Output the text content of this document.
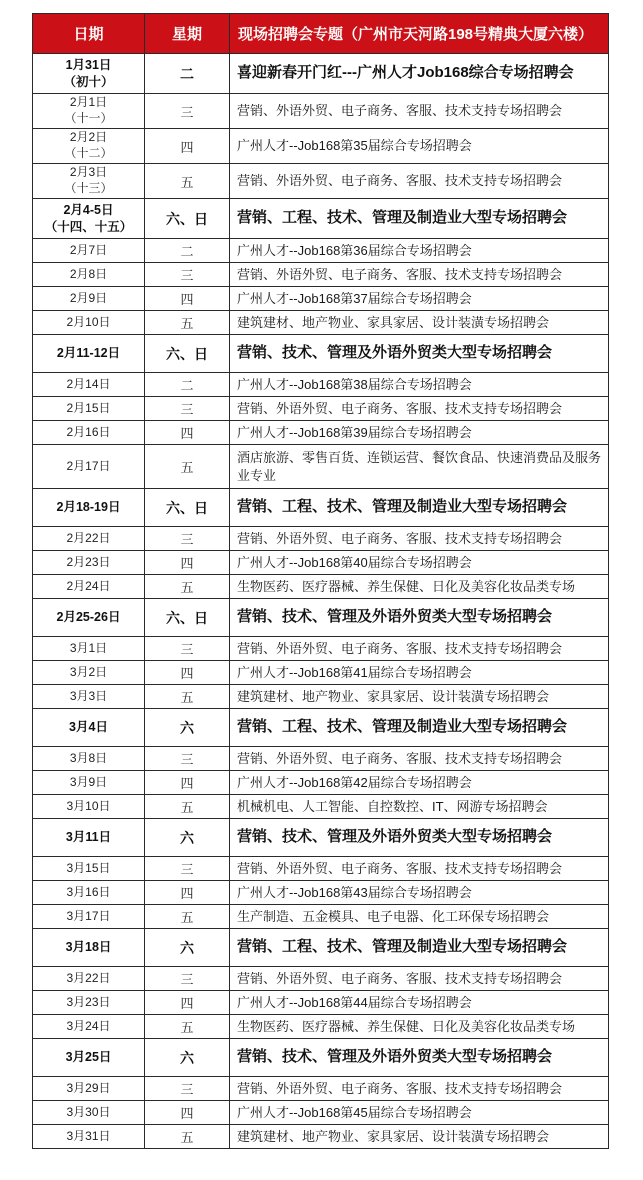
日期	星期	现场招聘会专题（广州市天河路198号精典大厦六楼）
1月31日
（初十）	二	喜迎新春开门红---广州人才Job168综合专场招聘会
2月1日
（十一）	三	营销、外语外贸、电子商务、客服、技术支持专场招聘会
2月2日
（十二）	四	广州人才--Job168第35届综合专场招聘会
2月3日
（十三）	五	营销、外语外贸、电子商务、客服、技术支持专场招聘会
2月4-5日
（十四、十五）	六、日	营销、工程、技术、管理及制造业大型专场招聘会
2月7日	二	广州人才--Job168第36届综合专场招聘会
2月8日	三	营销、外语外贸、电子商务、客服、技术支持专场招聘会
2月9日	四	广州人才--Job168第37届综合专场招聘会
2月10日	五	建筑建材、地产物业、家具家居、设计装潢专场招聘会
2月11-12日	六、日	营销、技术、管理及外语外贸类大型专场招聘会
2月14日	二	广州人才--Job168第38届综合专场招聘会
2月15日	三	营销、外语外贸、电子商务、客服、技术支持专场招聘会
2月16日	四	广州人才--Job168第39届综合专场招聘会
2月17日	五	酒店旅游、零售百货、连锁运营、餐饮食品、快速消费品及服务业专业
2月18-19日	六、日	营销、工程、技术、管理及制造业大型专场招聘会
2月22日	三	营销、外语外贸、电子商务、客服、技术支持专场招聘会
2月23日	四	广州人才--Job168第40届综合专场招聘会
2月24日	五	生物医药、医疗器械、养生保健、日化及美容化妆品类专场
2月25-26日	六、日	营销、技术、管理及外语外贸类大型专场招聘会
3月1日	三	营销、外语外贸、电子商务、客服、技术支持专场招聘会
3月2日	四	广州人才--Job168第41届综合专场招聘会
3月3日	五	建筑建材、地产物业、家具家居、设计装潢专场招聘会
3月4日	六	营销、工程、技术、管理及制造业大型专场招聘会
3月8日	三	营销、外语外贸、电子商务、客服、技术支持专场招聘会
3月9日	四	广州人才--Job168第42届综合专场招聘会
3月10日	五	机械机电、人工智能、自控数控、IT、网游专场招聘会
3月11日	六	营销、技术、管理及外语外贸类大型专场招聘会
3月15日	三	营销、外语外贸、电子商务、客服、技术支持专场招聘会
3月16日	四	广州人才--Job168第43届综合专场招聘会
3月17日	五	生产制造、五金模具、电子电器、化工环保专场招聘会
3月18日	六	营销、工程、技术、管理及制造业大型专场招聘会
3月22日	三	营销、外语外贸、电子商务、客服、技术支持专场招聘会
3月23日	四	广州人才--Job168第44届综合专场招聘会
3月24日	五	生物医药、医疗器械、养生保健、日化及美容化妆品类专场
3月25日	六	营销、技术、管理及外语外贸类大型专场招聘会
3月29日	三	营销、外语外贸、电子商务、客服、技术支持专场招聘会
3月30日	四	广州人才--Job168第45届综合专场招聘会
3月31日	五	建筑建材、地产物业、家具家居、设计装潢专场招聘会
